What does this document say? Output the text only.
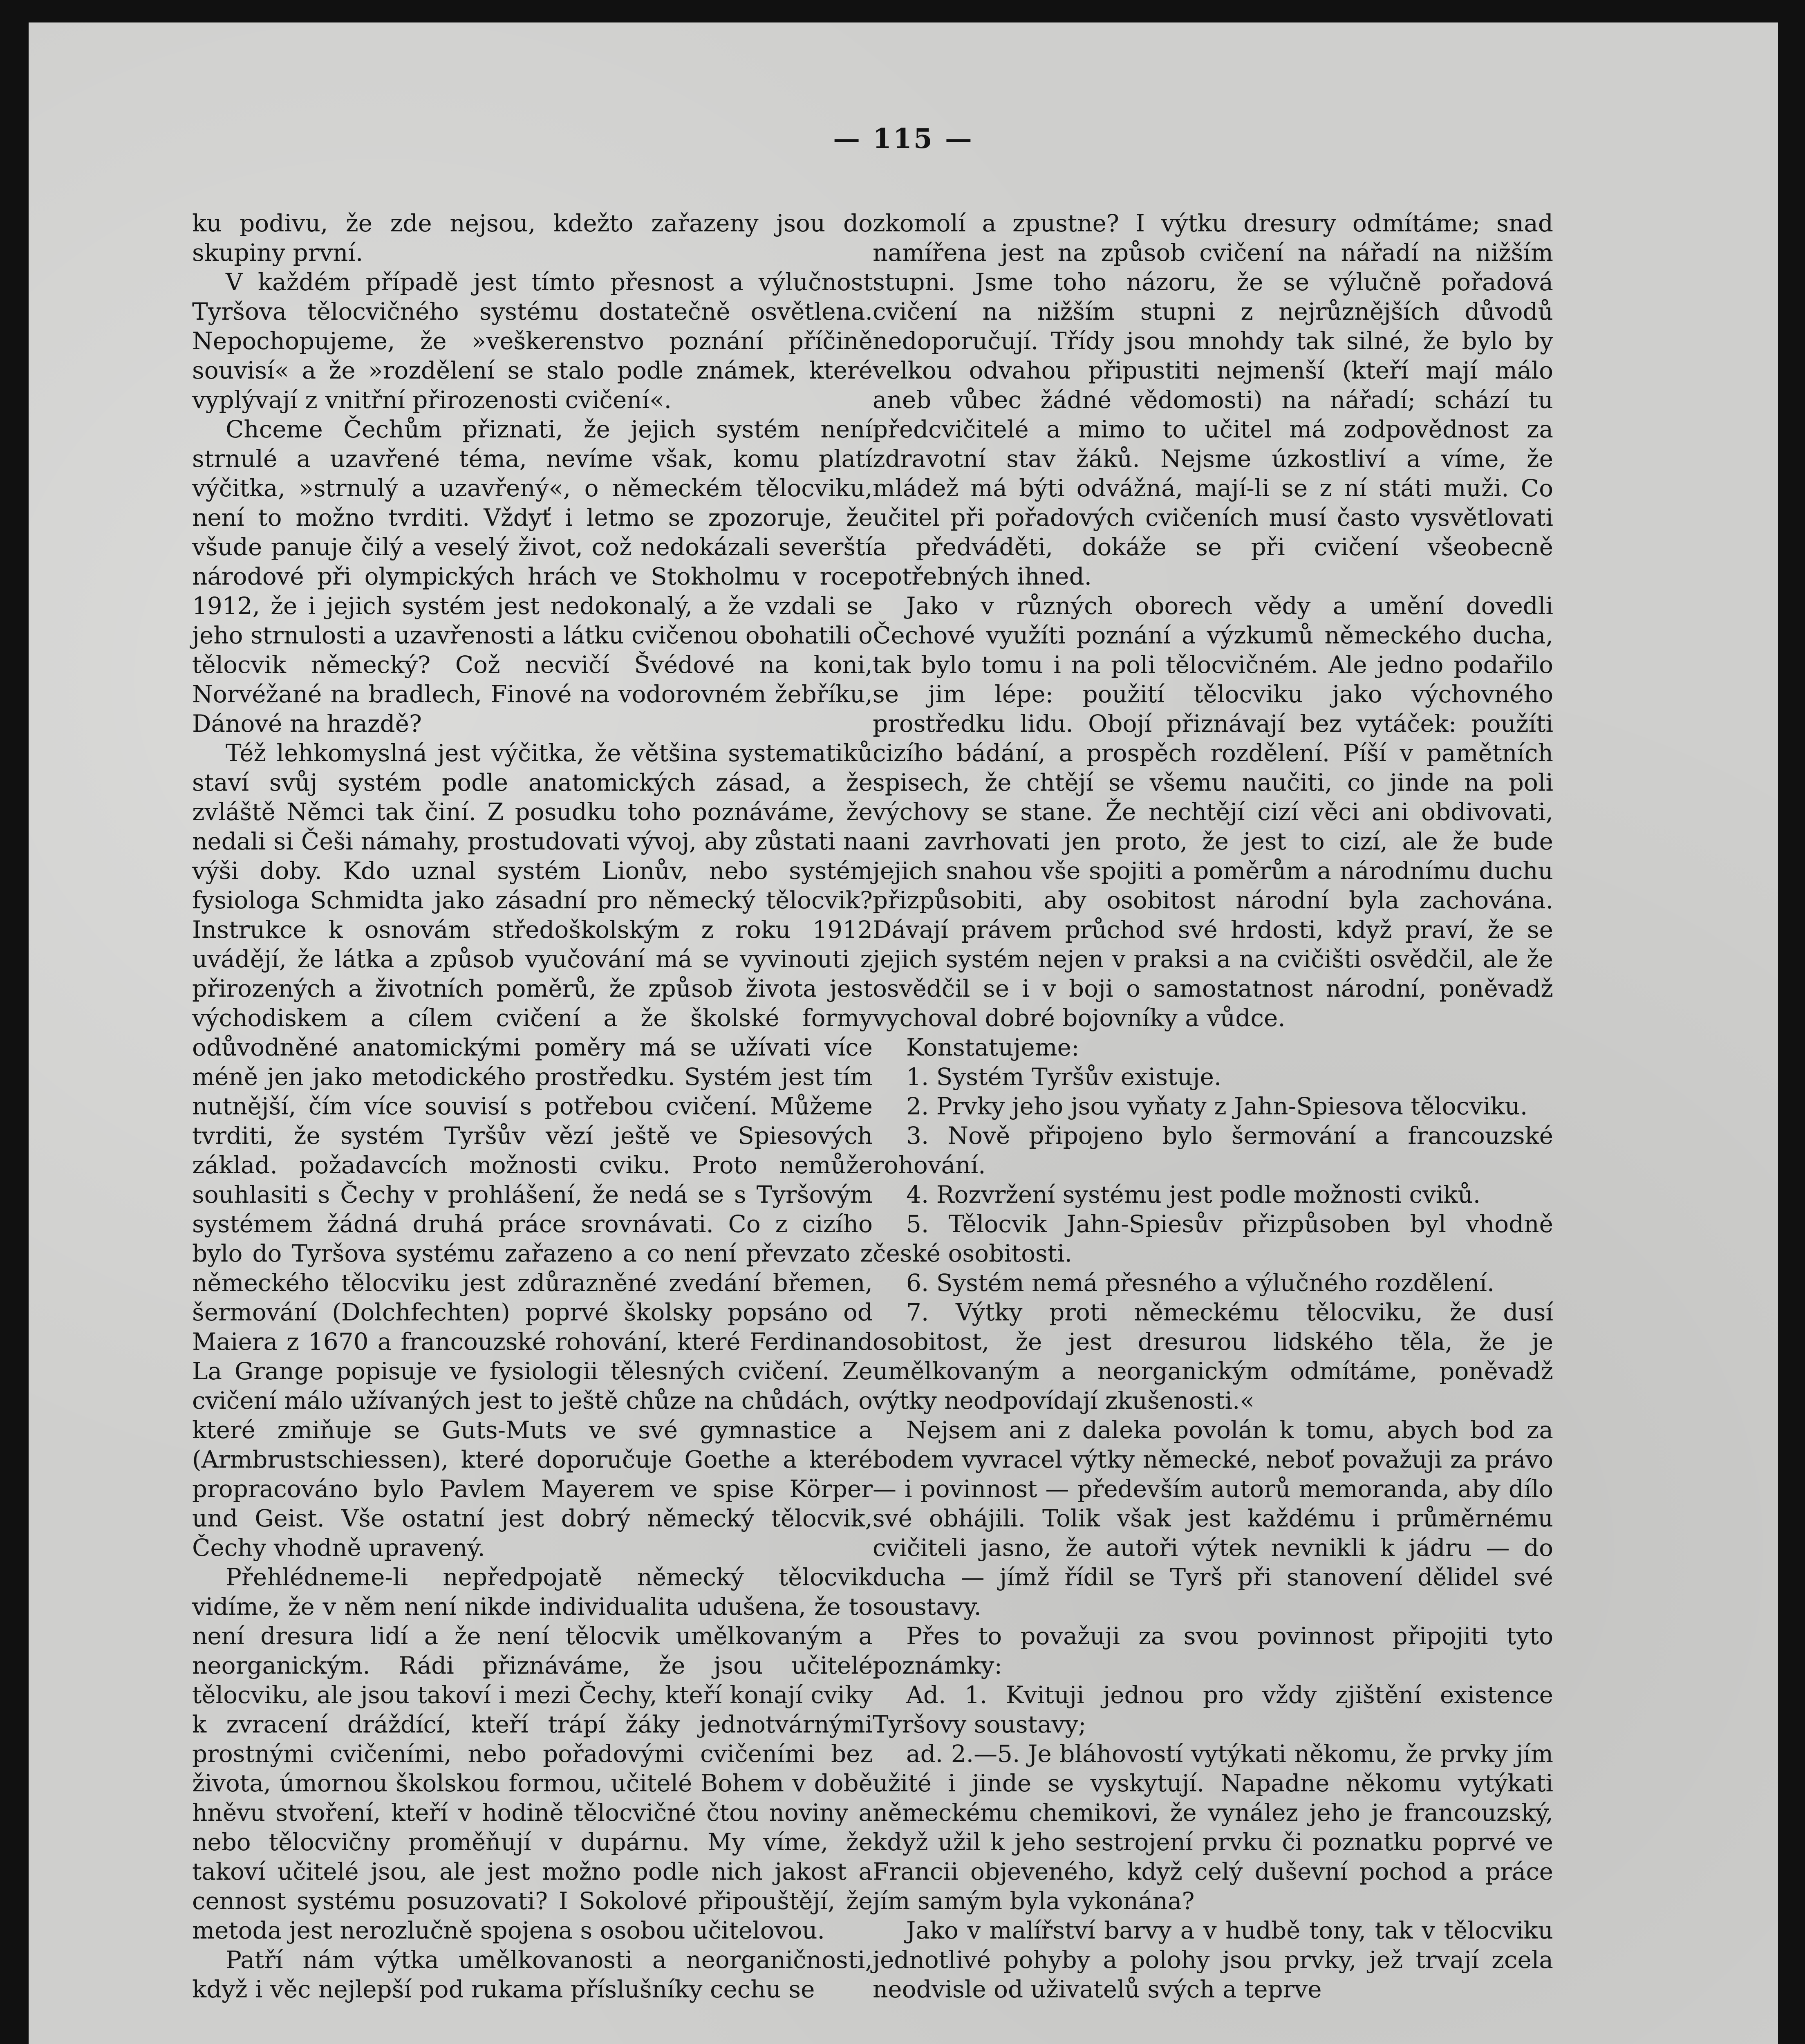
— 115 —

ku podivu, že zde nejsou, kdežto zařazeny jsou do skupiny první.

V každém případě jest tímto přesnost a výlučnost Tyršova tělocvičného systému dostatečně osvětlena. Nepochopujeme, že »veškerenstvo poznání příčině souvisí« a že »rozdělení se stalo podle známek, které vyplývají z vnitřní přirozenosti cvičení«.

Chceme Čechům přiznati, že jejich systém není strnulé a uzavřené téma, nevíme však, komu platí výčitka, »strnulý a uzavřený«, o německém tělocviku, není to možno tvrditi. Vždyť i letmo se zpozoruje, že všude panuje čilý a veselý život, což nedokázali severští národové při olympických hrách ve Stokholmu v roce 1912, že i jejich systém jest nedokonalý, a že vzdali se jeho strnulosti a uzavřenosti a látku cvičenou obohatili o tělocvik německý? Což necvičí Švédové na koni, Norvéžané na bradlech, Finové na vodorovném žebříku, Dánové na hrazdě?

Též lehkomyslná jest výčitka, že většina systematiků staví svůj systém podle anatomických zásad, a že zvláště Němci tak činí. Z posudku toho poznáváme, že nedali si Češi námahy, prostudovati vývoj, aby zůstati na výši doby. Kdo uznal systém Lionův, nebo systém fysiologa Schmidta jako zásadní pro německý tělocvik? Instrukce k osnovám středoškolským z roku 1912 uvádějí, že látka a způsob vyučování má se vyvinouti z přirozených a životních poměrů, že způsob života jest východiskem a cílem cvičení a že školské formy odůvodněné anatomickými poměry má se užívati více méně jen jako metodického prostředku. Systém jest tím nutnější, čím více souvisí s potřebou cvičení. Můžeme tvrditi, že systém Tyršův vězí ještě ve Spiesových základ. požadavcích možnosti cviku. Proto nemůže souhlasiti s Čechy v prohlášení, že nedá se s Tyršovým systémem žádná druhá práce srovnávati. Co z cizího bylo do Tyršova systému zařazeno a co není převzato z německého tělocviku jest zdůrazněné zvedání břemen, šermování (Dolchfechten) poprvé školsky popsáno od Maiera z 1670 a francouzské rohování, které Ferdinand La Grange popisuje ve fysiologii tělesných cvičení. Ze cvičení málo užívaných jest to ještě chůze na chůdách, o které zmiňuje se Guts-Muts ve své gymnastice a (Armbrustschiessen), které doporučuje Goethe a které propracováno bylo Pavlem Mayerem ve spise Körper und Geist. Vše ostatní jest dobrý německý tělocvik, Čechy vhodně upravený.

Přehlédneme-li nepředpojatě německý tělocvik vidíme, že v něm není nikde individualita udušena, že to není dresura lidí a že není tělocvik umělkovaným a neorganickým. Rádi přiznáváme, že jsou učitelé tělocviku, ale jsou takoví i mezi Čechy, kteří konají cviky k zvracení dráždící, kteří trápí žáky jednotvárnými prostnými cvičeními, nebo pořadovými cvičeními bez života, úmornou školskou formou, učitelé Bohem v době hněvu stvoření, kteří v hodině tělocvičné čtou noviny a nebo tělocvičny proměňují v dupárnu. My víme, že takoví učitelé jsou, ale jest možno podle nich jakost a cennost systému posuzovati? I Sokolové připouštějí, že metoda jest nerozlučně spojena s osobou učitelovou.

Patří nám výtka umělkovanosti a neorganičnosti, když i věc nejlepší pod rukama příslušníky cechu se

zkomolí a zpustne? I výtku dresury odmítáme; snad namířena jest na způsob cvičení na nářadí na nižším stupni. Jsme toho názoru, že se výlučně pořadová cvičení na nižším stupni z nejrůznějších důvodů nedoporučují. Třídy jsou mnohdy tak silné, že bylo by velkou odvahou připustiti nejmenší (kteří mají málo aneb vůbec žádné vědomosti) na nářadí; schází tu předcvičitelé a mimo to učitel má zodpovědnost za zdravotní stav žáků. Nejsme úzkostliví a víme, že mládež má býti odvážná, mají-li se z ní státi muži. Co učitel při pořadových cvičeních musí často vysvětlovati a předváděti, dokáže se při cvičení všeobecně potřebných ihned.

Jako v různých oborech vědy a umění dovedli Čechové využíti poznání a výzkumů německého ducha, tak bylo tomu i na poli tělocvičném. Ale jedno podařilo se jim lépe: použití tělocviku jako výchovného prostředku lidu. Obojí přiznávají bez vytáček: použíti cizího bádání, a prospěch rozdělení. Píší v pamětních spisech, že chtějí se všemu naučiti, co jinde na poli výchovy se stane. Že nechtějí cizí věci ani obdivovati, ani zavrhovati jen proto, že jest to cizí, ale že bude jejich snahou vše spojiti a poměrům a národnímu duchu přizpůsobiti, aby osobitost národní byla zachována. Dávají právem průchod své hrdosti, když praví, že se jejich systém nejen v praksi a na cvičišti osvědčil, ale že osvědčil se i v boji o samostatnost národní, poněvadž vychoval dobré bojovníky a vůdce.

Konstatujeme:

1. Systém Tyršův existuje.

2. Prvky jeho jsou vyňaty z Jahn-Spiesova tělocviku.

3. Nově připojeno bylo šermování a francouzské rohování.

4. Rozvržení systému jest podle možnosti cviků.

5. Tělocvik Jahn-Spiesův přizpůsoben byl vhodně české osobitosti.

6. Systém nemá přesného a výlučného rozdělení.

7. Výtky proti německému tělocviku, že dusí osobitost, že jest dresurou lidského těla, že je umělkovaným a neorganickým odmítáme, poněvadž výtky neodpovídají zkušenosti.«

Nejsem ani z daleka povolán k tomu, abych bod za bodem vyvracel výtky německé, neboť považuji za právo — i povinnost — především autorů memoranda, aby dílo své obhájili. Tolik však jest každému i průměrnému cvičiteli jasno, že autoři výtek nevnikli k jádru — do ducha — jímž řídil se Tyrš při stanovení dělidel své soustavy.

Přes to považuji za svou povinnost připojiti tyto poznámky:

Ad. 1. Kvituji jednou pro vždy zjištění existence Tyršovy soustavy;

ad. 2.—5. Je bláhovostí vytýkati někomu, že prvky jím užité i jinde se vyskytují. Napadne někomu vytýkati německému chemikovi, že vynález jeho je francouzský, když užil k jeho sestrojení prvku či poznatku poprvé ve Francii objeveného, když celý duševní pochod a práce jím samým byla vykonána?

Jako v malířství barvy a v hudbě tony, tak v tělocviku jednotlivé pohyby a polohy jsou prvky, jež trvají zcela neodvisle od uživatelů svých a teprve
